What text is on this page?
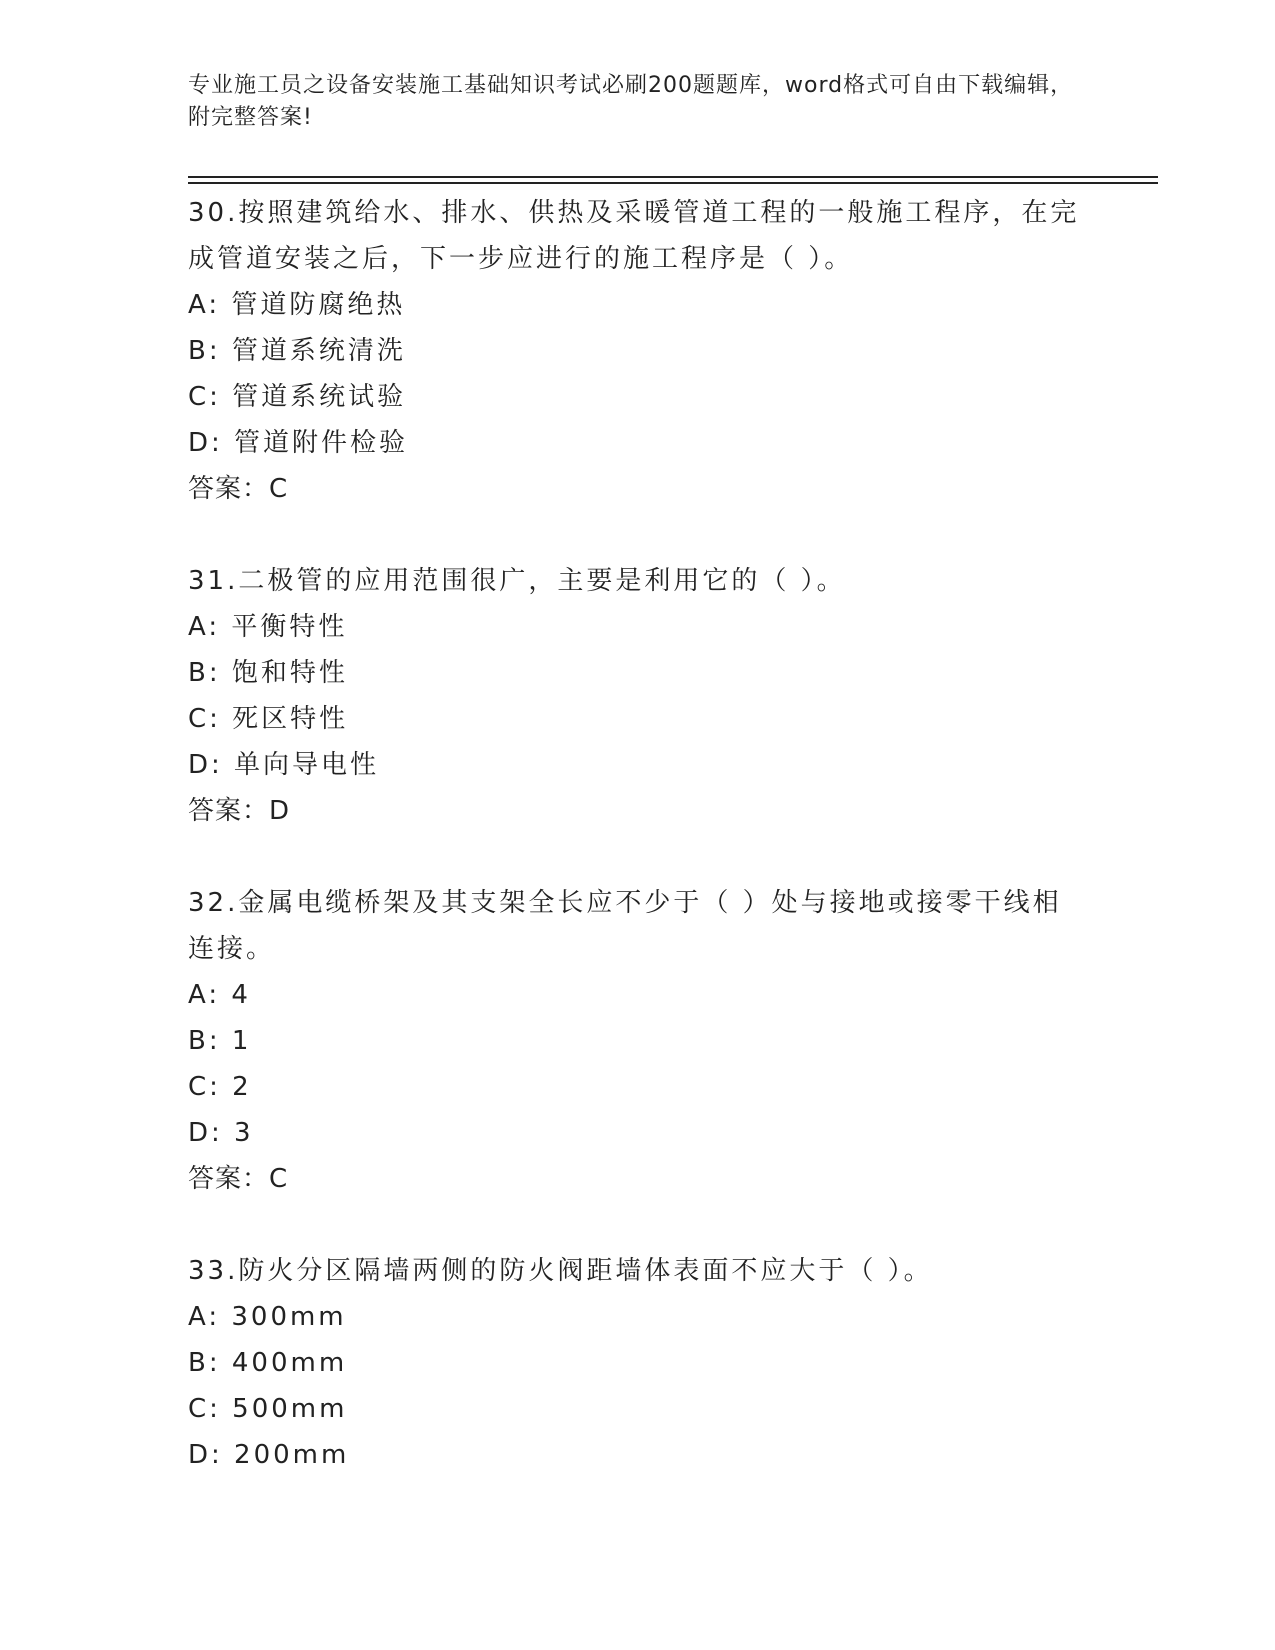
专业施工员之设备安装施工基础知识考试必刷200题题库，word格式可自由下载编辑，附完整答案!
30.按照建筑给水、排水、供热及采暖管道工程的一般施工程序，在完成管道安装之后，下一步应进行的施工程序是（ ）。
A: 管道防腐绝热
B: 管道系统清洗
C: 管道系统试验
D: 管道附件检验
答案：C
31.二极管的应用范围很广，主要是利用它的（ ）。
A: 平衡特性
B: 饱和特性
C: 死区特性
D: 单向导电性
答案：D
32.金属电缆桥架及其支架全长应不少于（ ）处与接地或接零干线相连接。
A: 4
B: 1
C: 2
D: 3
答案：C
33.防火分区隔墙两侧的防火阀距墙体表面不应大于（ ）。
A: 300mm
B: 400mm
C: 500mm
D: 200mm
